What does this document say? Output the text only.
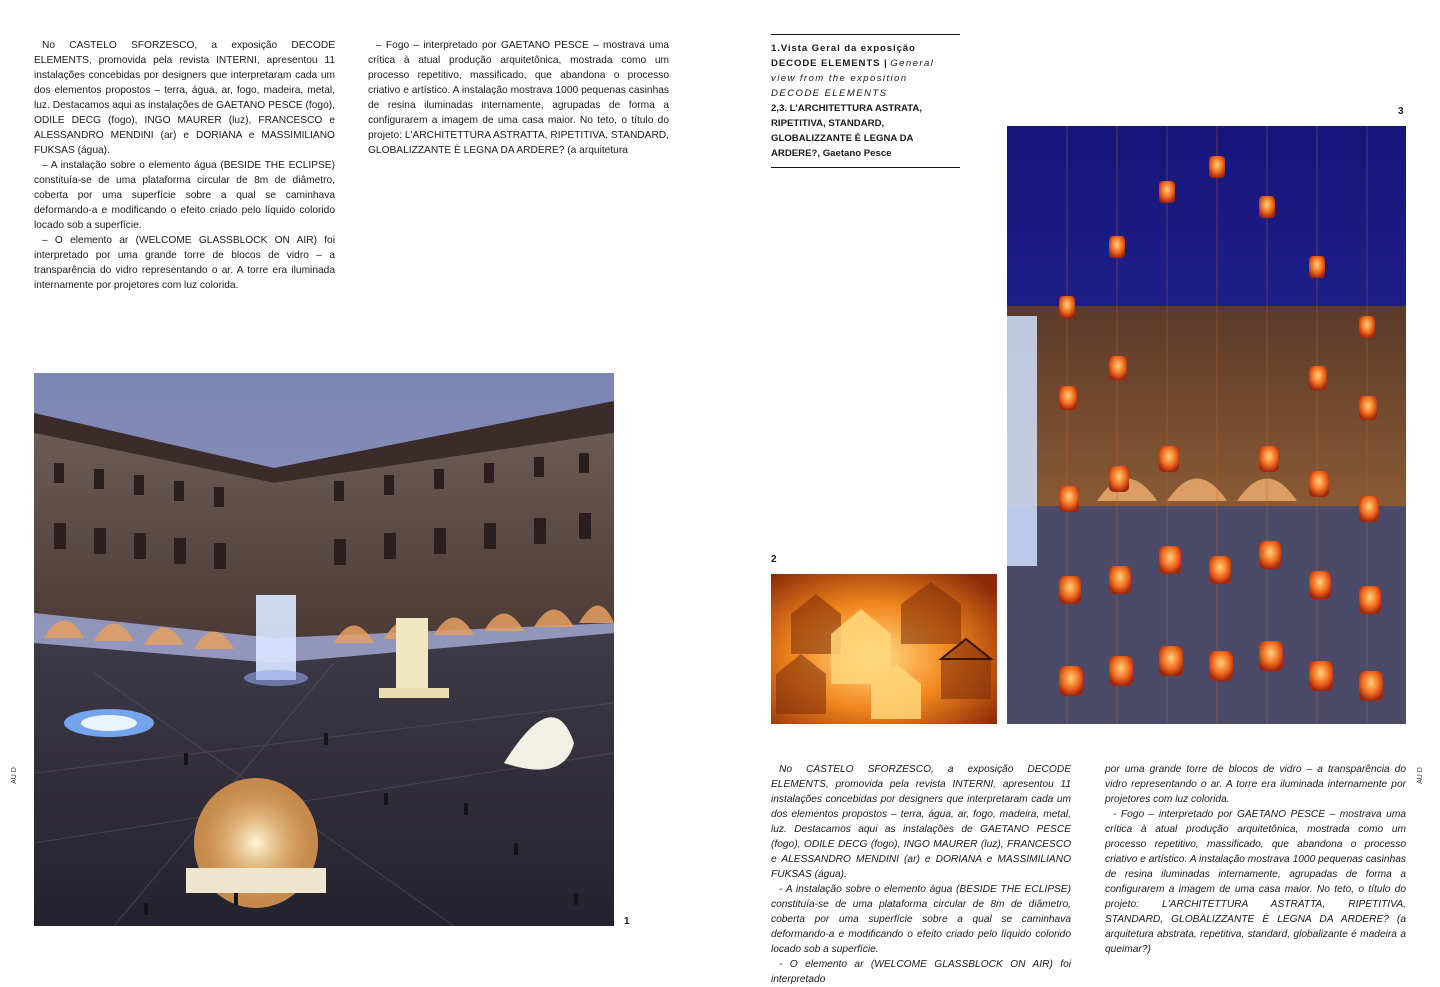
No CASTELO SFORZESCO, a exposição DECODE ELEMENTS, promovida pela revista INTERNI, apresentou 11 instalações concebidas por designers que interpretaram cada um dos elementos propostos – terra, água, ar, fogo, madeira, metal, luz. Destacamos aqui as instalações de GAETANO PESCE (fogo), ODILE DECG (fogo), INGO MAURER (luz), FRANCESCO e ALESSANDRO MENDINI (ar) e DORIANA e MASSIMILIANO FUKSAS (água).

– A instalação sobre o elemento água (BESIDE THE ECLIPSE) constituía-se de uma plataforma circular de 8m de diâmetro, coberta por uma superfície sobre a qual se caminhava deformando-a e modificando o efeito criado pelo líquido colorido locado sob a superfície.

– O elemento ar (WELCOME GLASSBLOCK ON AIR) foi interpretado por uma grande torre de blocos de vidro – a transparência do vidro representando o ar. A torre era iluminada internamente por projetores com luz colorida.

– Fogo – interpretado por GAETANO PESCE – mostrava uma crítica à atual produção arquitetônica, mostrada como um processo repetitivo, massificado, que abandona o processo criativo e artístico. A instalação mostrava 1000 pequenas casinhas de resina iluminadas internamente, agrupadas de forma a configurarem a imagem de uma casa maior. No teto, o título do projeto: L'ARCHITETTURA ASTRATTA, RIPETITIVA, STANDARD, GLOBALIZZANTE È LEGNA DA ARDERE? (a arquitetura

1
AU D
1.Vista Geral da exposição DECODE ELEMENTS | General view from the exposition DECODE ELEMENTS
2,3. L'ARCHITETTURA ASTRATA, RIPETITIVA, STANDARD, GLOBALIZZANTE È LEGNA DA ARDERE?, Gaetano Pesce
3
2

No CASTELO SFORZESCO, a exposição DECODE ELEMENTS, promovida pela revista INTERNI, apresentou 11 instalações concebidas por designers que interpretaram cada um dos elementos propostos – terra, água, ar, fogo, madeira, metal, luz. Destacamos aqui as instalações de GAETANO PESCE (fogo), ODILE DECG (fogo), INGO MAURER (luz), FRANCESCO e ALESSANDRO MENDINI (ar) e DORIANA e MASSIMILIANO FUKSAS (água).

- A instalação sobre o elemento água (BESIDE THE ECLIPSE) constituía-se de uma plataforma circular de 8m de diâmetro, coberta por uma superfície sobre a qual se caminhava deformando-a e modificando o efeito criado pelo líquido colorido locado sob a superfície.

- O elemento ar (WELCOME GLASSBLOCK ON AIR) foi interpretado

por uma grande torre de blocos de vidro – a transparência do vidro representando o ar. A torre era iluminada internamente por projetores com luz colorida.

- Fogo – interpretado por GAETANO PESCE – mostrava uma crítica à atual produção arquitetônica, mostrada como um processo repetitivo, massificado, que abandona o processo criativo e artístico. A instalação mostrava 1000 pequenas casinhas de resina iluminadas internamente, agrupadas de forma a configurarem a imagem de uma casa maior. No teto, o título do projeto: L'ARCHITETTURA ASTRATTA, RIPETITIVA, STANDARD, GLOBALIZZANTE È LEGNA DA ARDERE? (a arquitetura abstrata, repetitiva, standard, globalizante é madeira a queimar?)

AU D
